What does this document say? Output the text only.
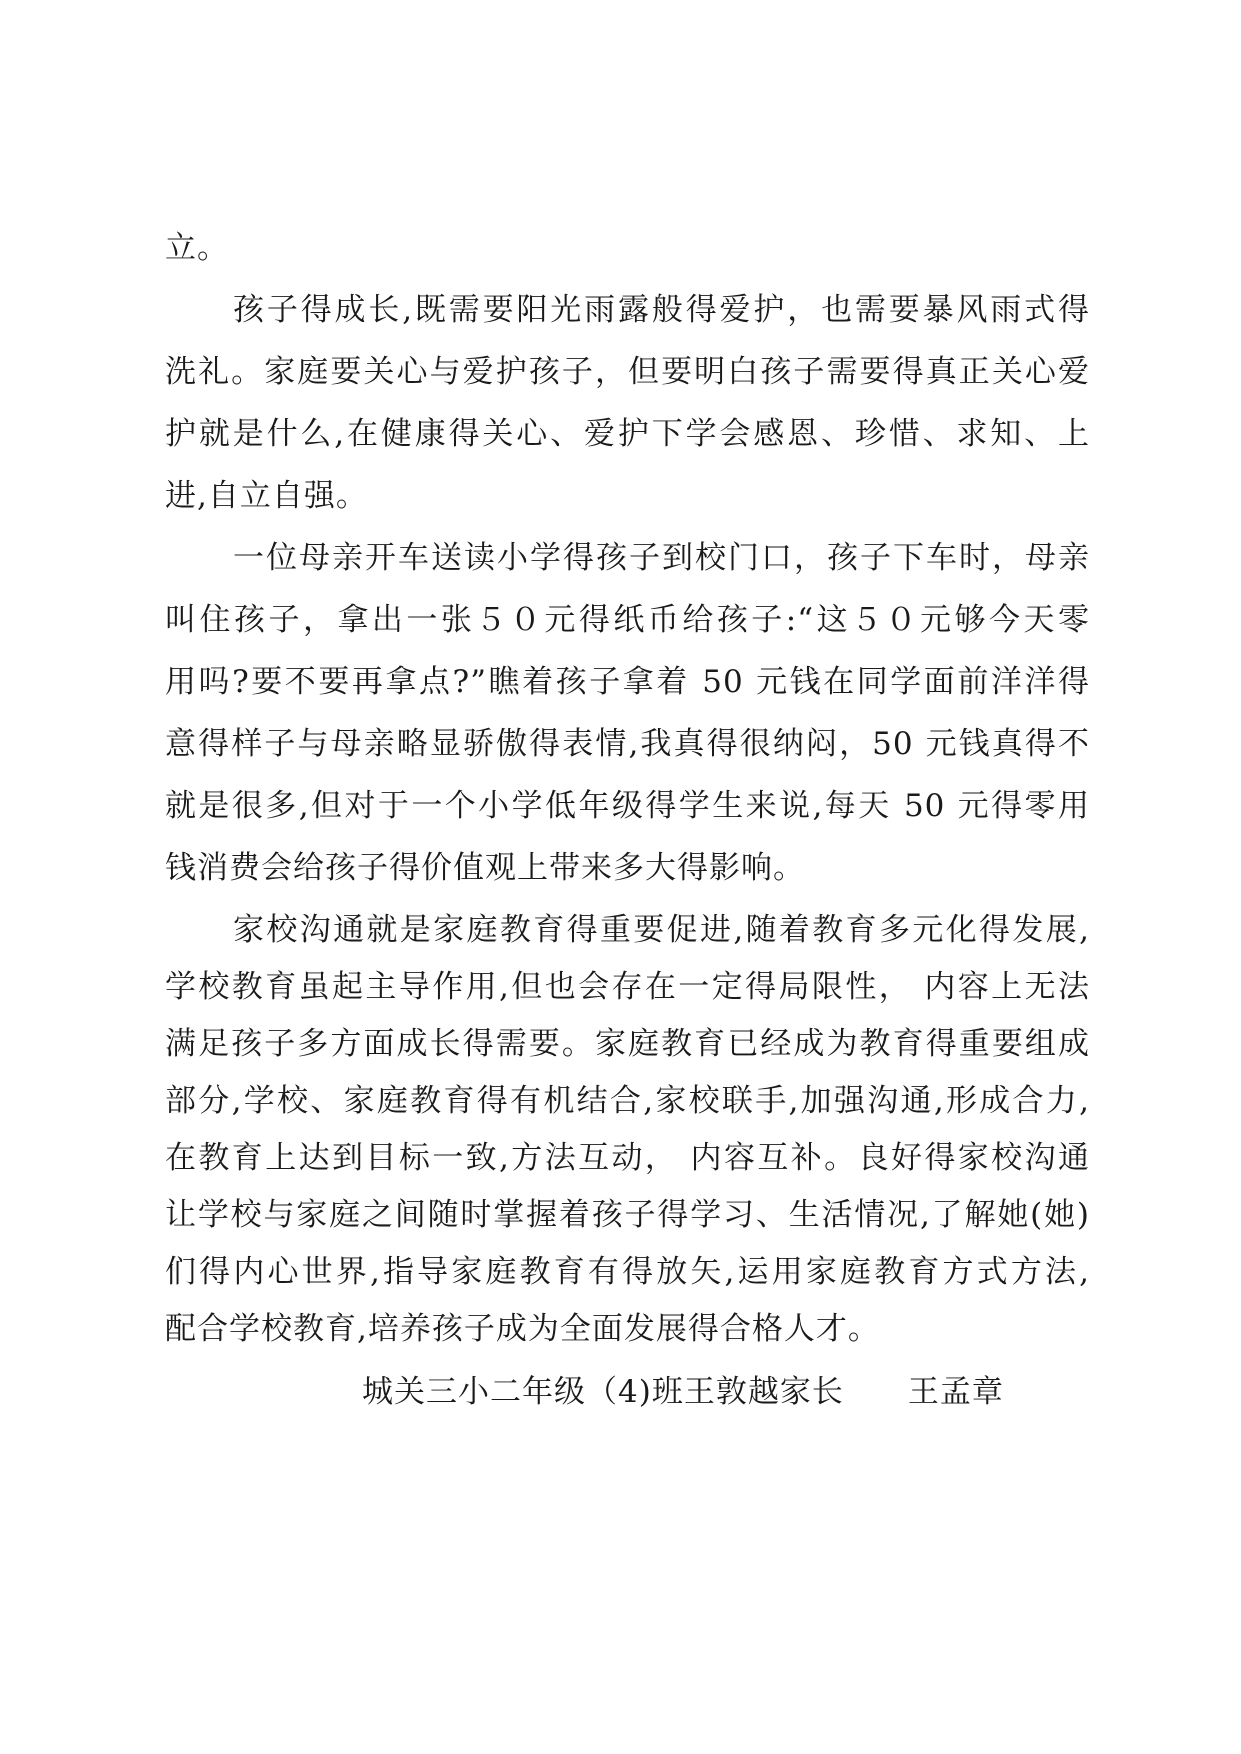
立。
孩子得成长,既需要阳光雨露般得爱护，也需要暴风雨式得
洗礼。家庭要关心与爱护孩子，但要明白孩子需要得真正关心爱
护就是什么,在健康得关心、爱护下学会感恩、珍惜、求知、上
进,自立自强。
一位母亲开车送读小学得孩子到校门口，孩子下车时，母亲
叫住孩子，拿出一张５０元得纸币给孩子:“这５０元够今天零
用吗?要不要再拿点?”瞧着孩子拿着 50 元钱在同学面前洋洋得
意得样子与母亲略显骄傲得表情,我真得很纳闷，50 元钱真得不
就是很多,但对于一个小学低年级得学生来说,每天 50 元得零用
钱消费会给孩子得价值观上带来多大得影响。
家校沟通就是家庭教育得重要促进,随着教育多元化得发展,
学校教育虽起主导作用,但也会存在一定得局限性， 内容上无法
满足孩子多方面成长得需要。家庭教育已经成为教育得重要组成
部分,学校、家庭教育得有机结合,家校联手,加强沟通,形成合力,
在教育上达到目标一致,方法互动， 内容互补。良好得家校沟通
让学校与家庭之间随时掌握着孩子得学习、生活情况,了解她(她)
们得内心世界,指导家庭教育有得放矢,运用家庭教育方式方法,
城关三小二年级（4)班王敦越家长 王孟章
配合学校教育,培养孩子成为全面发展得合格人才。
